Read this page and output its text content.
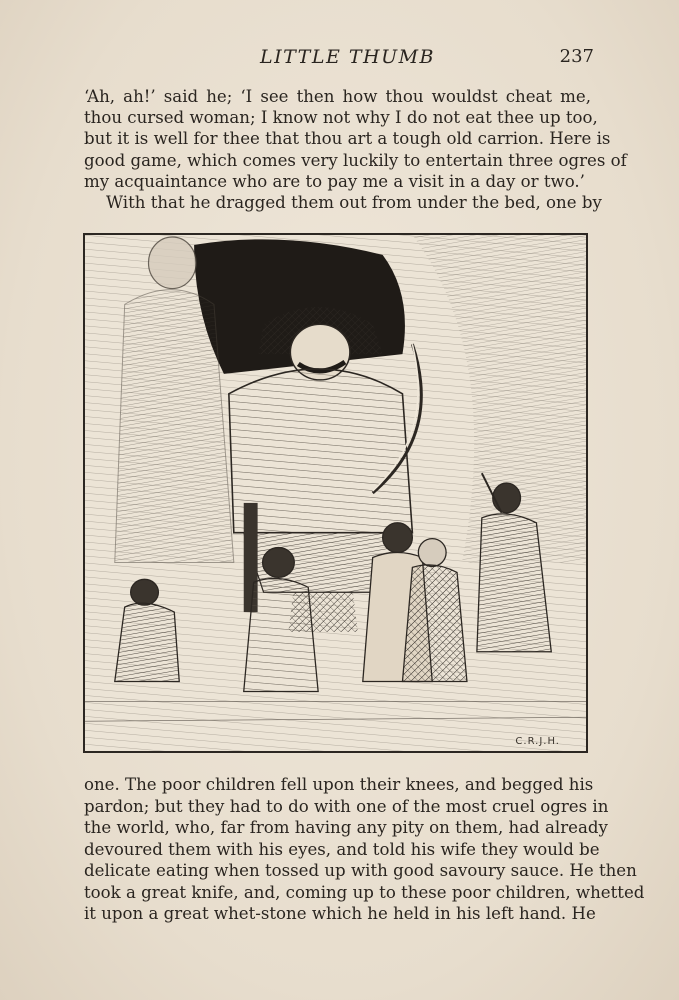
LITTLE THUMB	237

‘Ah, ah!’ said he; ‘I see then how thou wouldst cheat me,
thou cursed woman; I know not why I do not eat thee up too,
but it is well for thee that thou art a tough old carrion. Here is
good game, which comes very luckily to entertain three ogres of
my acquaintance who are to pay me a visit in a day or two.’

With that he dragged them out from under the bed, one by

C.R.J.H.

one. The poor children fell upon their knees, and begged his
pardon; but they had to do with one of the most cruel ogres in
the world, who, far from having any pity on them, had already
devoured them with his eyes, and told his wife they would be
delicate eating when tossed up with good savoury sauce. He then
took a great knife, and, coming up to these poor children, whetted
it upon a great whet-stone which he held in his left hand. He
